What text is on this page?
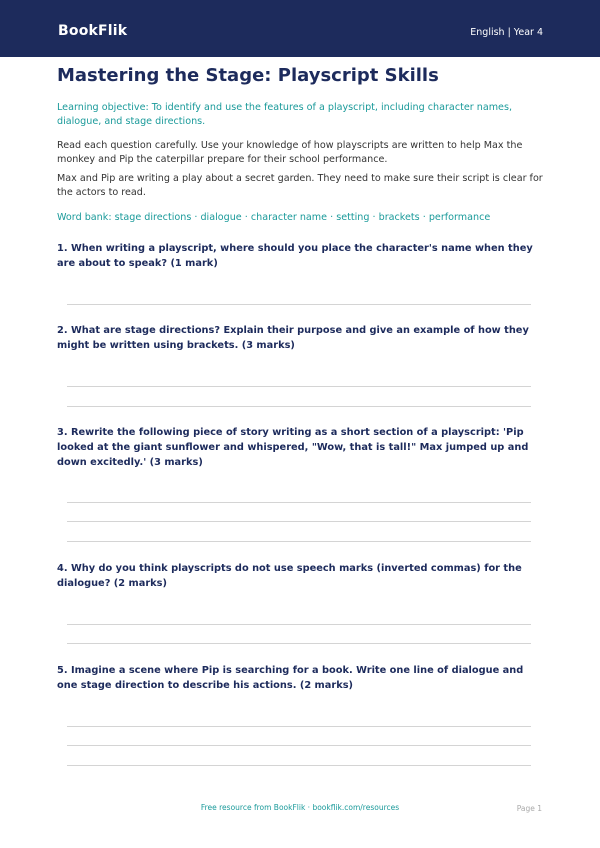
BookFlik	English | Year 4
Mastering the Stage: Playscript Skills
Learning objective: To identify and use the features of a playscript, including character names, dialogue, and stage directions.
Read each question carefully. Use your knowledge of how playscripts are written to help Max the monkey and Pip the caterpillar prepare for their school performance.
Max and Pip are writing a play about a secret garden. They need to make sure their script is clear for the actors to read.
Word bank: stage directions · dialogue · character name · setting · brackets · performance
1. When writing a playscript, where should you place the character's name when they are about to speak? (1 mark)
2. What are stage directions? Explain their purpose and give an example of how they might be written using brackets. (3 marks)
3. Rewrite the following piece of story writing as a short section of a playscript: 'Pip looked at the giant sunflower and whispered, "Wow, that is tall!" Max jumped up and down excitedly.' (3 marks)
4. Why do you think playscripts do not use speech marks (inverted commas) for the dialogue? (2 marks)
5. Imagine a scene where Pip is searching for a book. Write one line of dialogue and one stage direction to describe his actions. (2 marks)
Free resource from BookFlik · bookflik.com/resources	Page 1
